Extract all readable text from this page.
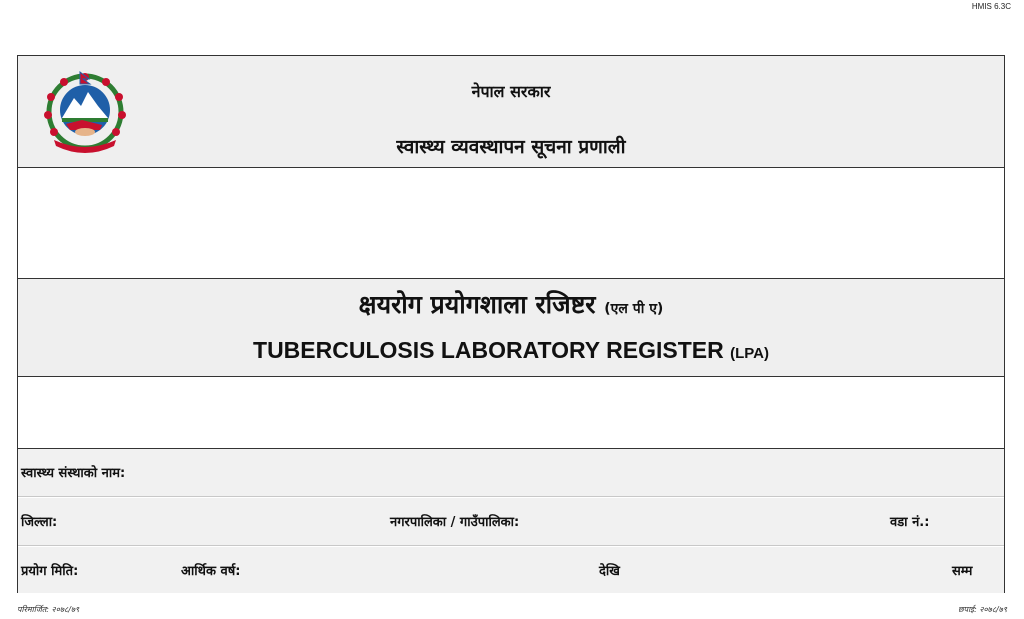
HMIS 6.3C
नेपाल सरकार
स्वास्थ्य व्यवस्थापन सूचना प्रणाली
क्षयरोग प्रयोगशाला रजिष्टर (एल पी ए)
TUBERCULOSIS LABORATORY REGISTER (LPA)
स्वास्थ्य संस्थाको नाम:
जिल्ला:	नगरपालिका / गाउँपालिका:	वडा नं.:
प्रयोग मिति:	आर्थिक वर्ष:	देखि	सम्म
परिमार्जित: २०७८/७९	छपाई: २०७८/७९
